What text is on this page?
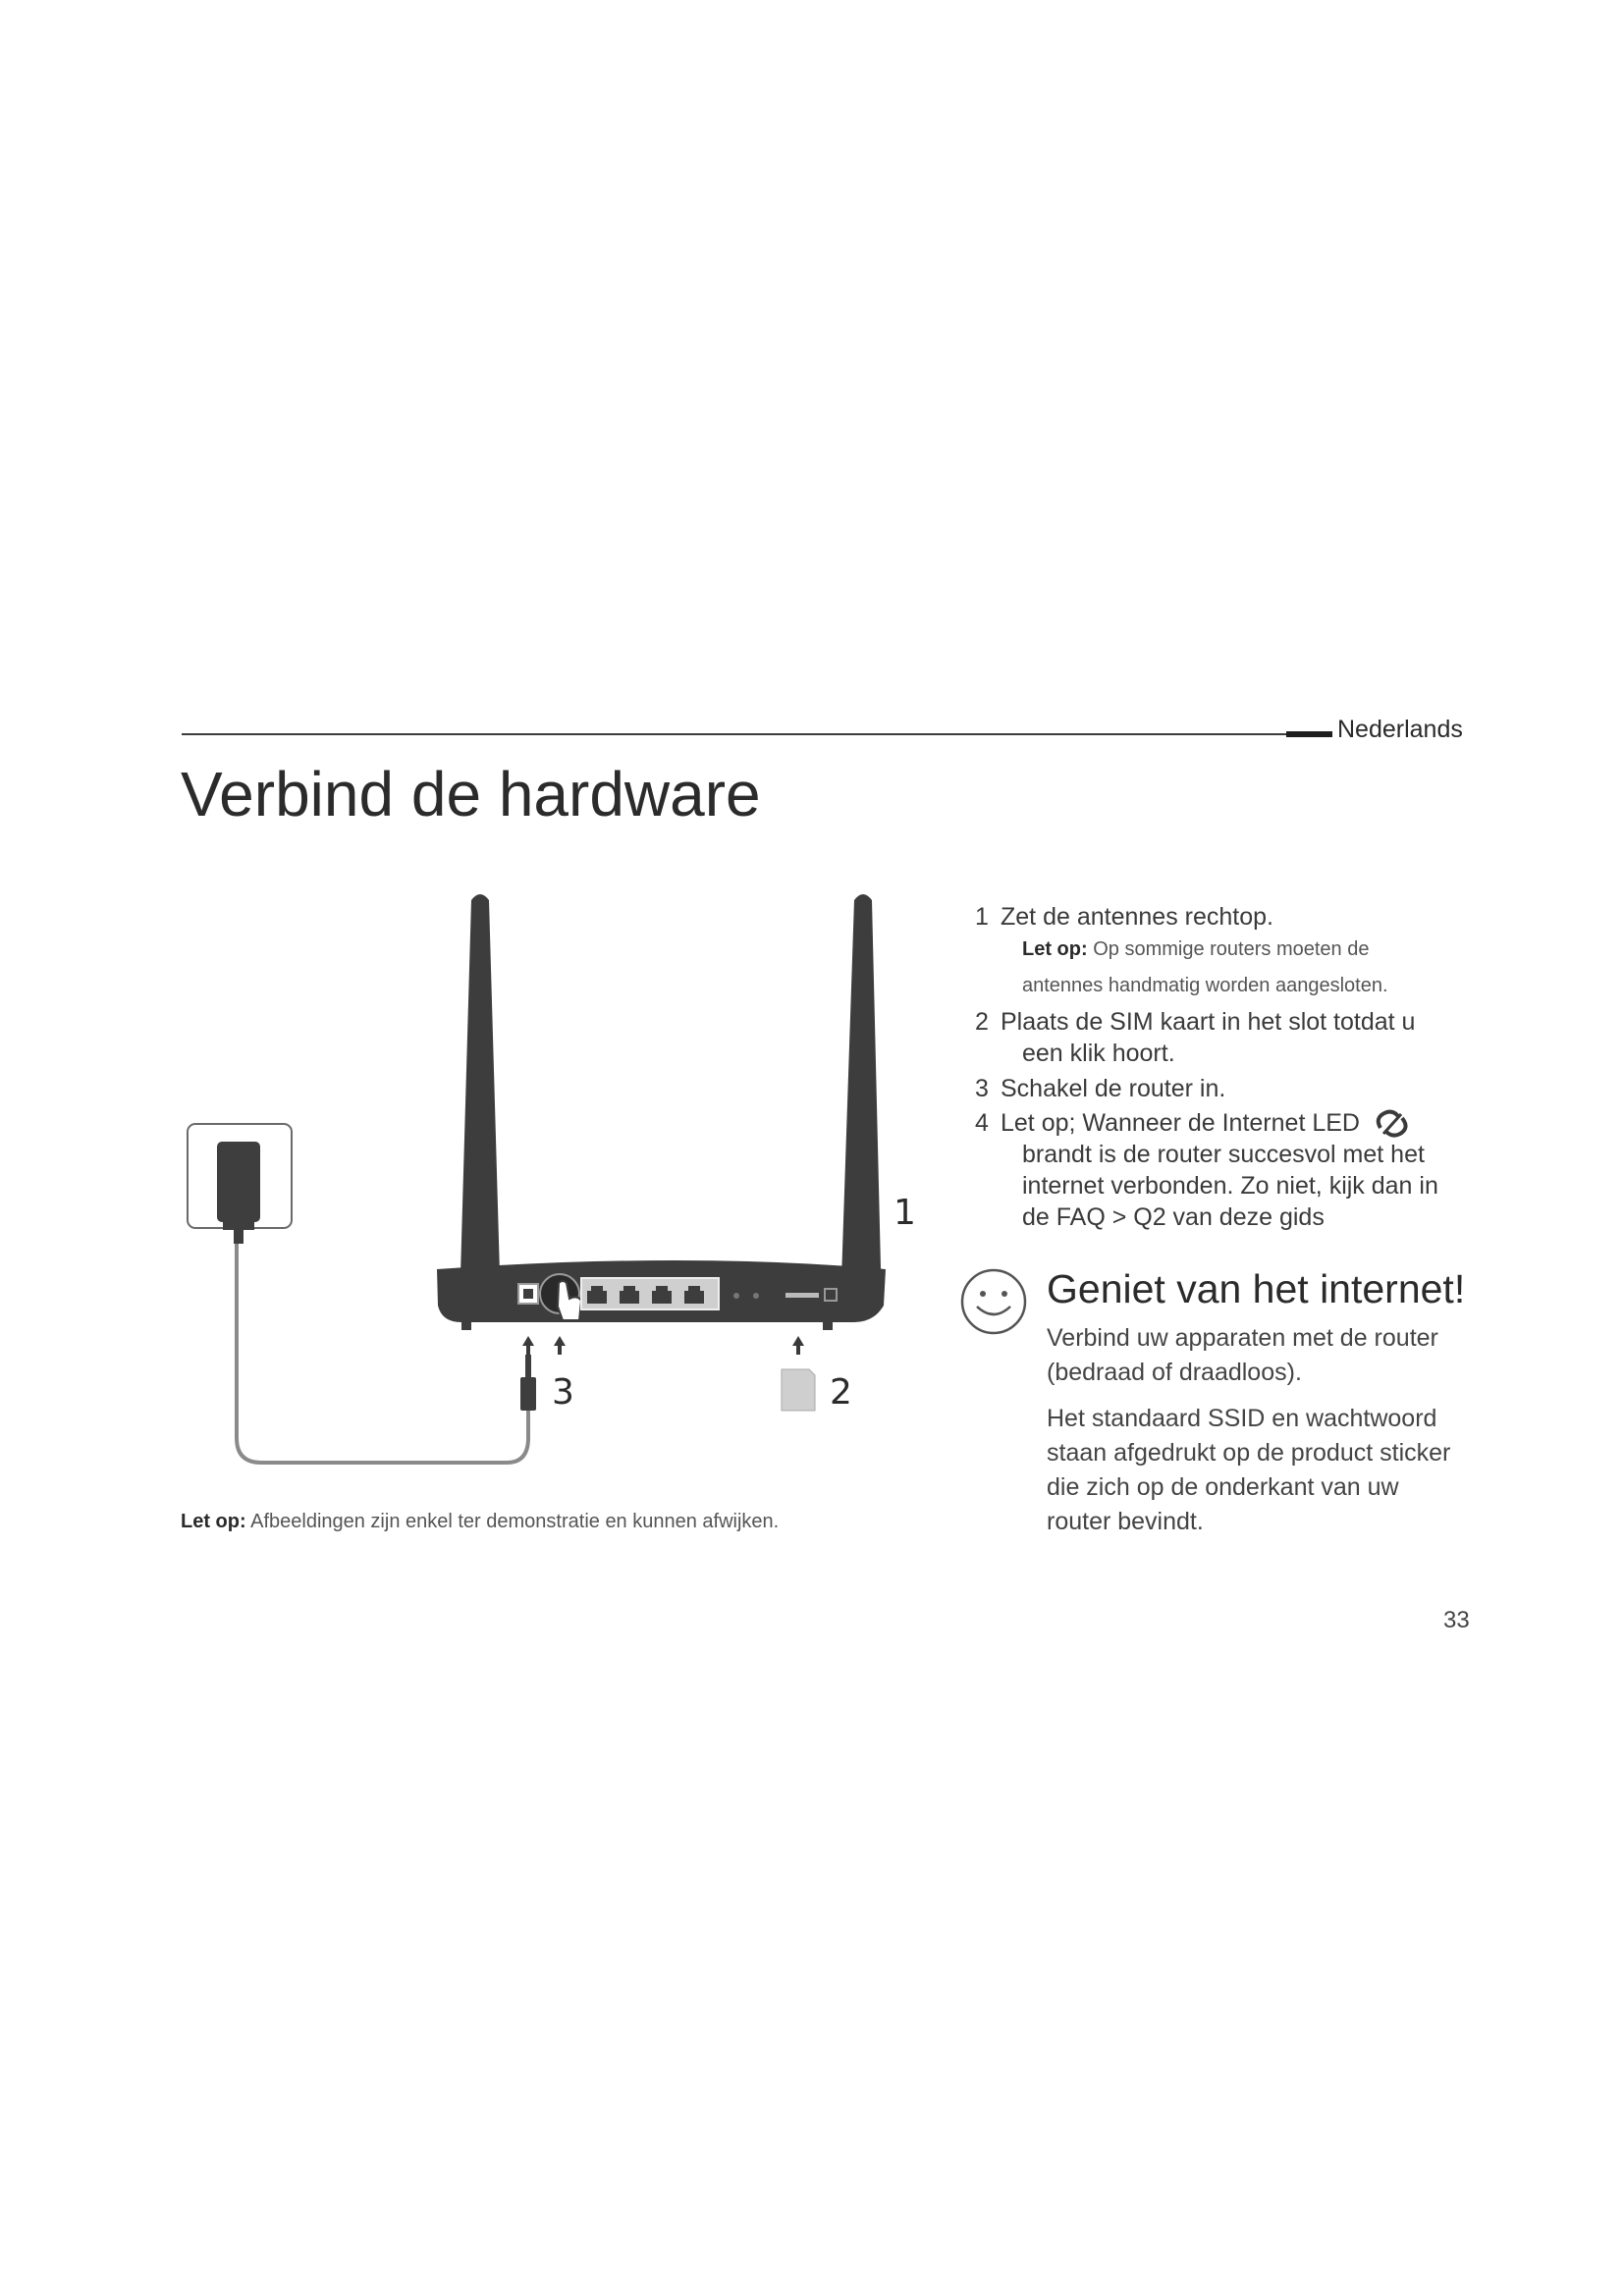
Nederlands
Verbind de hardware
1
2
3
Let op: Afbeeldingen zijn enkel ter demonstratie en kunnen afwijken.
1 Zet de antennes rechtop.
Let op: Op sommige routers moeten de
antennes handmatig worden aangesloten.
2 Plaats de SIM kaart in het slot totdat u
een klik hoort.
3 Schakel de router in.
4 Let op; Wanneer de Internet LED
brandt is de router succesvol met het
internet verbonden. Zo niet, kijk dan in
de FAQ > Q2 van deze gids
Geniet van het internet!
Verbind uw apparaten met de router
(bedraad of draadloos).
Het standaard SSID en wachtwoord
staan afgedrukt op de product sticker
die zich op de onderkant van uw
router bevindt.
33
